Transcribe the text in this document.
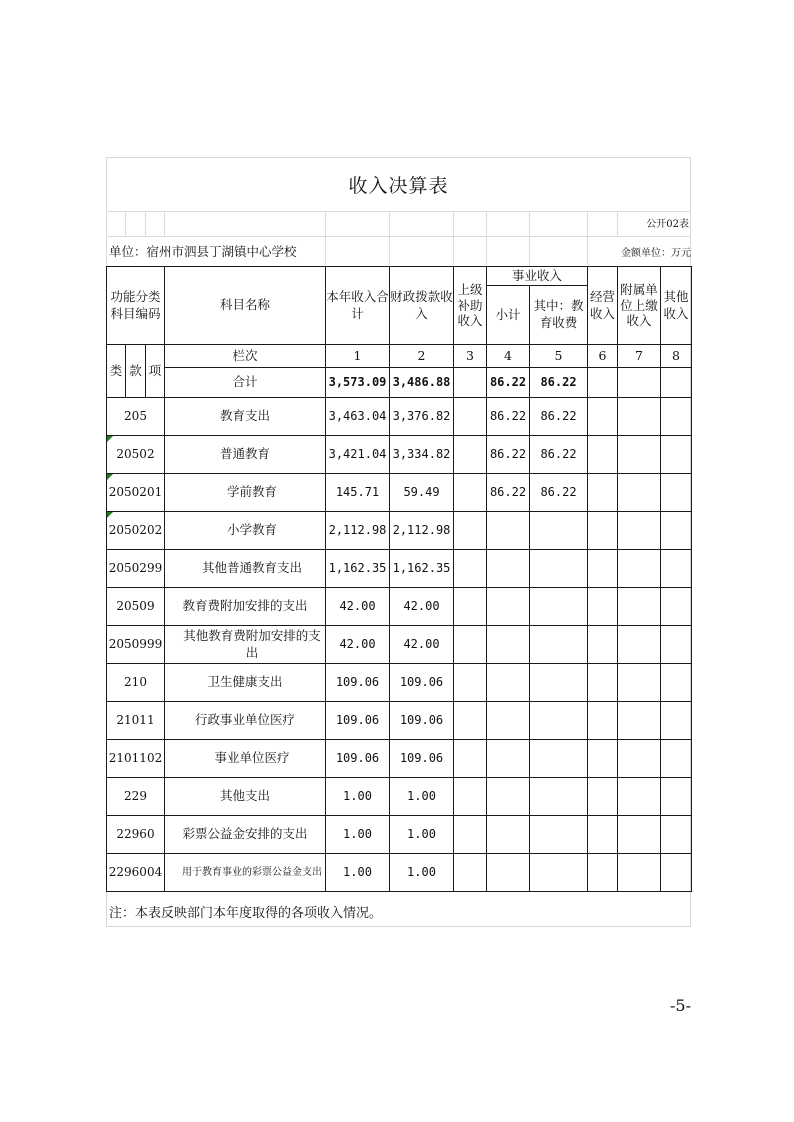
收入决算表
公开02表
单位：宿州市泗县丁湖镇中心学校	金额单位：万元
功能分类科目编码			科目名称	本年收入合计	财政拨款收入	上级补助收入	事业收入		经营收入	附属单位上缴收入	其他收入
							小计	其中：教育收费			

类	款	项	栏次	1	2	3	4	5	6	7	8
			合计	3,573.09	3,486.88		86.22	86.22			
205			教育支出	3,463.04	3,376.82		86.22	86.22			

20502			普通教育	3,421.04	3,334.82		86.22	86.22			

2050201			学前教育	145.71	59.49		86.22	86.22			

2050202			小学教育	2,112.98	2,112.98						
2050299			其他普通教育支出	1,162.35	1,162.35						
20509			教育费附加安排的支出	42.00	42.00						
2050999			其他教育费附加安排的支出	42.00	42.00						
210			卫生健康支出	109.06	109.06						
21011			行政事业单位医疗	109.06	109.06						
2101102			事业单位医疗	109.06	109.06						
229			其他支出	1.00	1.00						
22960			彩票公益金安排的支出	1.00	1.00						
2296004			用于教育事业的彩票公益金支出	1.00	1.00						
注：本表反映部门本年度取得的各项收入情况。
-5-
